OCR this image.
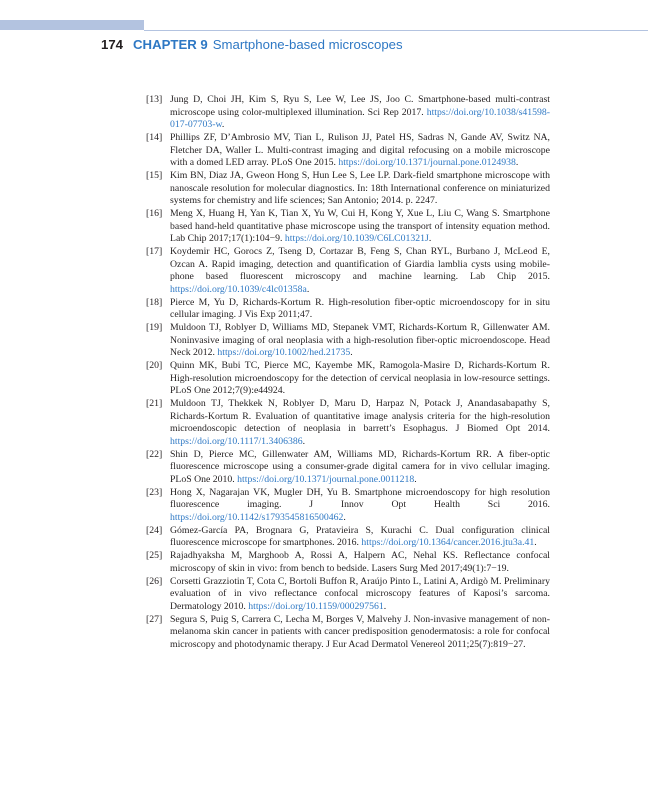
174 CHAPTER 9 Smartphone-based microscopes
[13] Jung D, Choi JH, Kim S, Ryu S, Lee W, Lee JS, Joo C. Smartphone-based multi-contrast microscope using color-multiplexed illumination. Sci Rep 2017. https://doi.org/10.1038/s41598-017-07703-w.
[14] Phillips ZF, D’Ambrosio MV, Tian L, Rulison JJ, Patel HS, Sadras N, Gande AV, Switz NA, Fletcher DA, Waller L. Multi-contrast imaging and digital refocusing on a mobile microscope with a domed LED array. PLoS One 2015. https://doi.org/10.1371/journal.pone.0124938.
[15] Kim BN, Diaz JA, Gweon Hong S, Hun Lee S, Lee LP. Dark-field smartphone microscope with nanoscale resolution for molecular diagnostics. In: 18th International conference on miniaturized systems for chemistry and life sciences; San Antonio; 2014. p. 2247.
[16] Meng X, Huang H, Yan K, Tian X, Yu W, Cui H, Kong Y, Xue L, Liu C, Wang S. Smartphone based hand-held quantitative phase microscope using the transport of intensity equation method. Lab Chip 2017;17(1):104−9. https://doi.org/10.1039/C6LC01321J.
[17] Koydemir HC, Gorocs Z, Tseng D, Cortazar B, Feng S, Chan RYL, Burbano J, McLeod E, Ozcan A. Rapid imaging, detection and quantification of Giardia lamblia cysts using mobile-phone based fluorescent microscopy and machine learning. Lab Chip 2015. https://doi.org/10.1039/c4lc01358a.
[18] Pierce M, Yu D, Richards-Kortum R. High-resolution fiber-optic microendoscopy for in situ cellular imaging. J Vis Exp 2011;47.
[19] Muldoon TJ, Roblyer D, Williams MD, Stepanek VMT, Richards-Kortum R, Gillenwater AM. Noninvasive imaging of oral neoplasia with a high-resolution fiber-optic microendoscope. Head Neck 2012. https://doi.org/10.1002/hed.21735.
[20] Quinn MK, Bubi TC, Pierce MC, Kayembe MK, Ramogola-Masire D, Richards-Kortum R. High-resolution microendoscopy for the detection of cervical neoplasia in low-resource settings. PLoS One 2012;7(9):e44924.
[21] Muldoon TJ, Thekkek N, Roblyer D, Maru D, Harpaz N, Potack J, Anandasabapathy S, Richards-Kortum R. Evaluation of quantitative image analysis criteria for the high-resolution microendoscopic detection of neoplasia in barrett’s Esophagus. J Biomed Opt 2014. https://doi.org/10.1117/1.3406386.
[22] Shin D, Pierce MC, Gillenwater AM, Williams MD, Richards-Kortum RR. A fiber-optic fluorescence microscope using a consumer-grade digital camera for in vivo cellular imaging. PLoS One 2010. https://doi.org/10.1371/journal.pone.0011218.
[23] Hong X, Nagarajan VK, Mugler DH, Yu B. Smartphone microendoscopy for high resolution fluorescence imaging. J Innov Opt Health Sci 2016. https://doi.org/10.1142/s1793545816500462.
[24] Gómez-García PA, Brognara G, Pratavieira S, Kurachi C. Dual configuration clinical fluorescence microscope for smartphones. 2016. https://doi.org/10.1364/cancer.2016.jtu3a.41.
[25] Rajadhyaksha M, Marghoob A, Rossi A, Halpern AC, Nehal KS. Reflectance confocal microscopy of skin in vivo: from bench to bedside. Lasers Surg Med 2017;49(1):7−19.
[26] Corsetti Grazziotin T, Cota C, Bortoli Buffon R, Araújo Pinto L, Latini A, Ardigò M. Preliminary evaluation of in vivo reflectance confocal microscopy features of Kaposi’s sarcoma. Dermatology 2010. https://doi.org/10.1159/000297561.
[27] Segura S, Puig S, Carrera C, Lecha M, Borges V, Malvehy J. Non-invasive management of non-melanoma skin cancer in patients with cancer predisposition genodermatosis: a role for confocal microscopy and photodynamic therapy. J Eur Acad Dermatol Venereol 2011;25(7):819−27.
